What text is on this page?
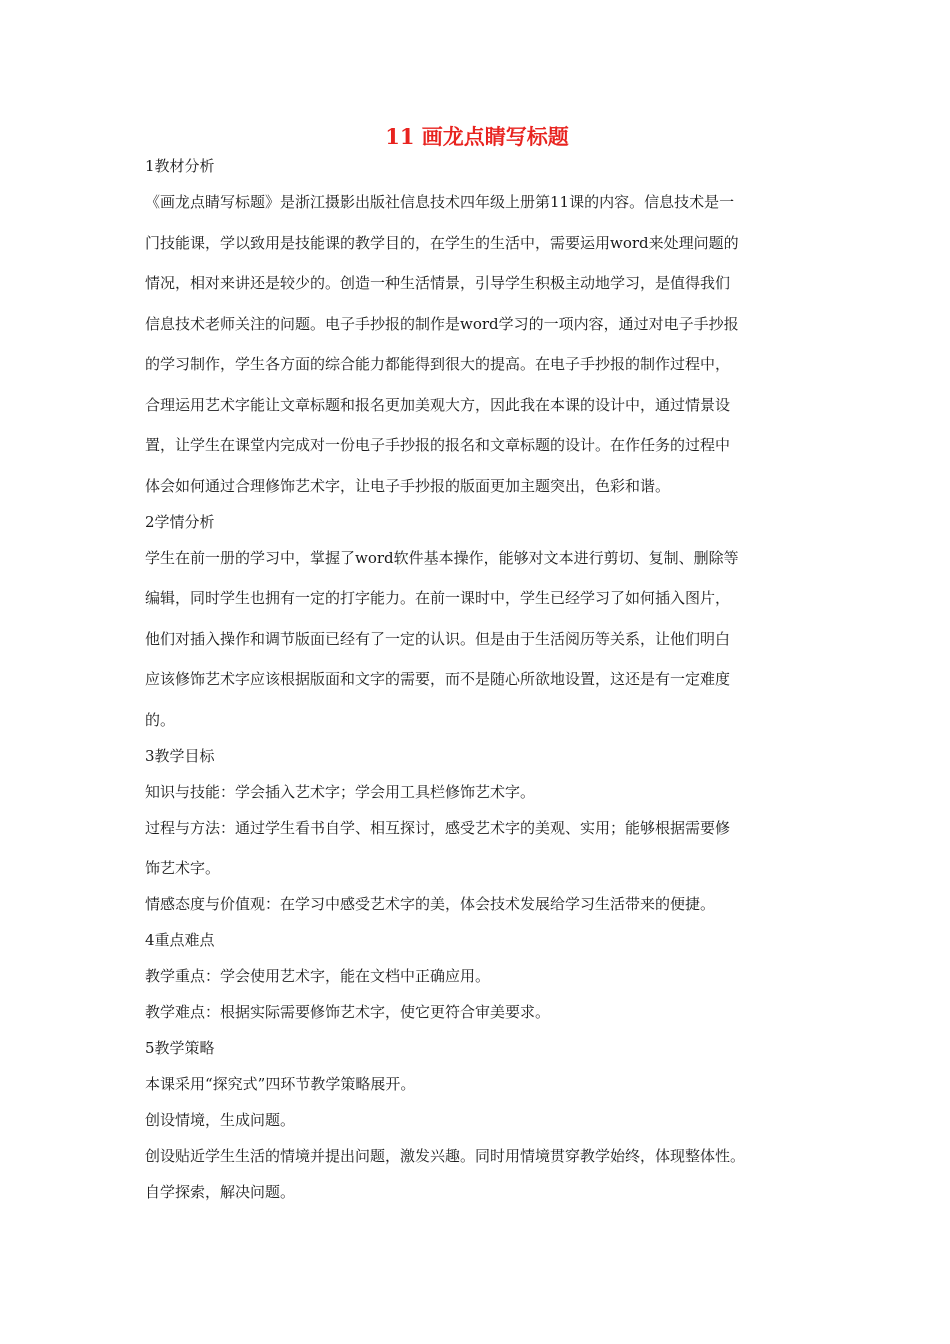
11 画龙点睛写标题

1教材分析

《画龙点睛写标题》是浙江摄影出版社信息技术四年级上册第11课的内容。信息技术是一
门技能课，学以致用是技能课的教学目的，在学生的生活中，需要运用word来处理问题的
情况，相对来讲还是较少的。创造一种生活情景，引导学生积极主动地学习，是值得我们
信息技术老师关注的问题。电子手抄报的制作是word学习的一项内容，通过对电子手抄报
的学习制作，学生各方面的综合能力都能得到很大的提高。在电子手抄报的制作过程中，
合理运用艺术字能让文章标题和报名更加美观大方，因此我在本课的设计中，通过情景设
置，让学生在课堂内完成对一份电子手抄报的报名和文章标题的设计。在作任务的过程中
体会如何通过合理修饰艺术字，让电子手抄报的版面更加主题突出，色彩和谐。

2学情分析

学生在前一册的学习中，掌握了word软件基本操作，能够对文本进行剪切、复制、删除等
编辑，同时学生也拥有一定的打字能力。在前一课时中，学生已经学习了如何插入图片，
他们对插入操作和调节版面已经有了一定的认识。但是由于生活阅历等关系，让他们明白
应该修饰艺术字应该根据版面和文字的需要，而不是随心所欲地设置，这还是有一定难度
的。

3教学目标

知识与技能：学会插入艺术字；学会用工具栏修饰艺术字。

过程与方法：通过学生看书自学、相互探讨，感受艺术字的美观、实用；能够根据需要修
饰艺术字。

情感态度与价值观：在学习中感受艺术字的美，体会技术发展给学习生活带来的便捷。

4重点难点

教学重点：学会使用艺术字，能在文档中正确应用。

教学难点：根据实际需要修饰艺术字，使它更符合审美要求。

5教学策略

本课采用“探究式”四环节教学策略展开。

创设情境，生成问题。

创设贴近学生生活的情境并提出问题，激发兴趣。同时用情境贯穿教学始终，体现整体性。

自学探索，解决问题。
